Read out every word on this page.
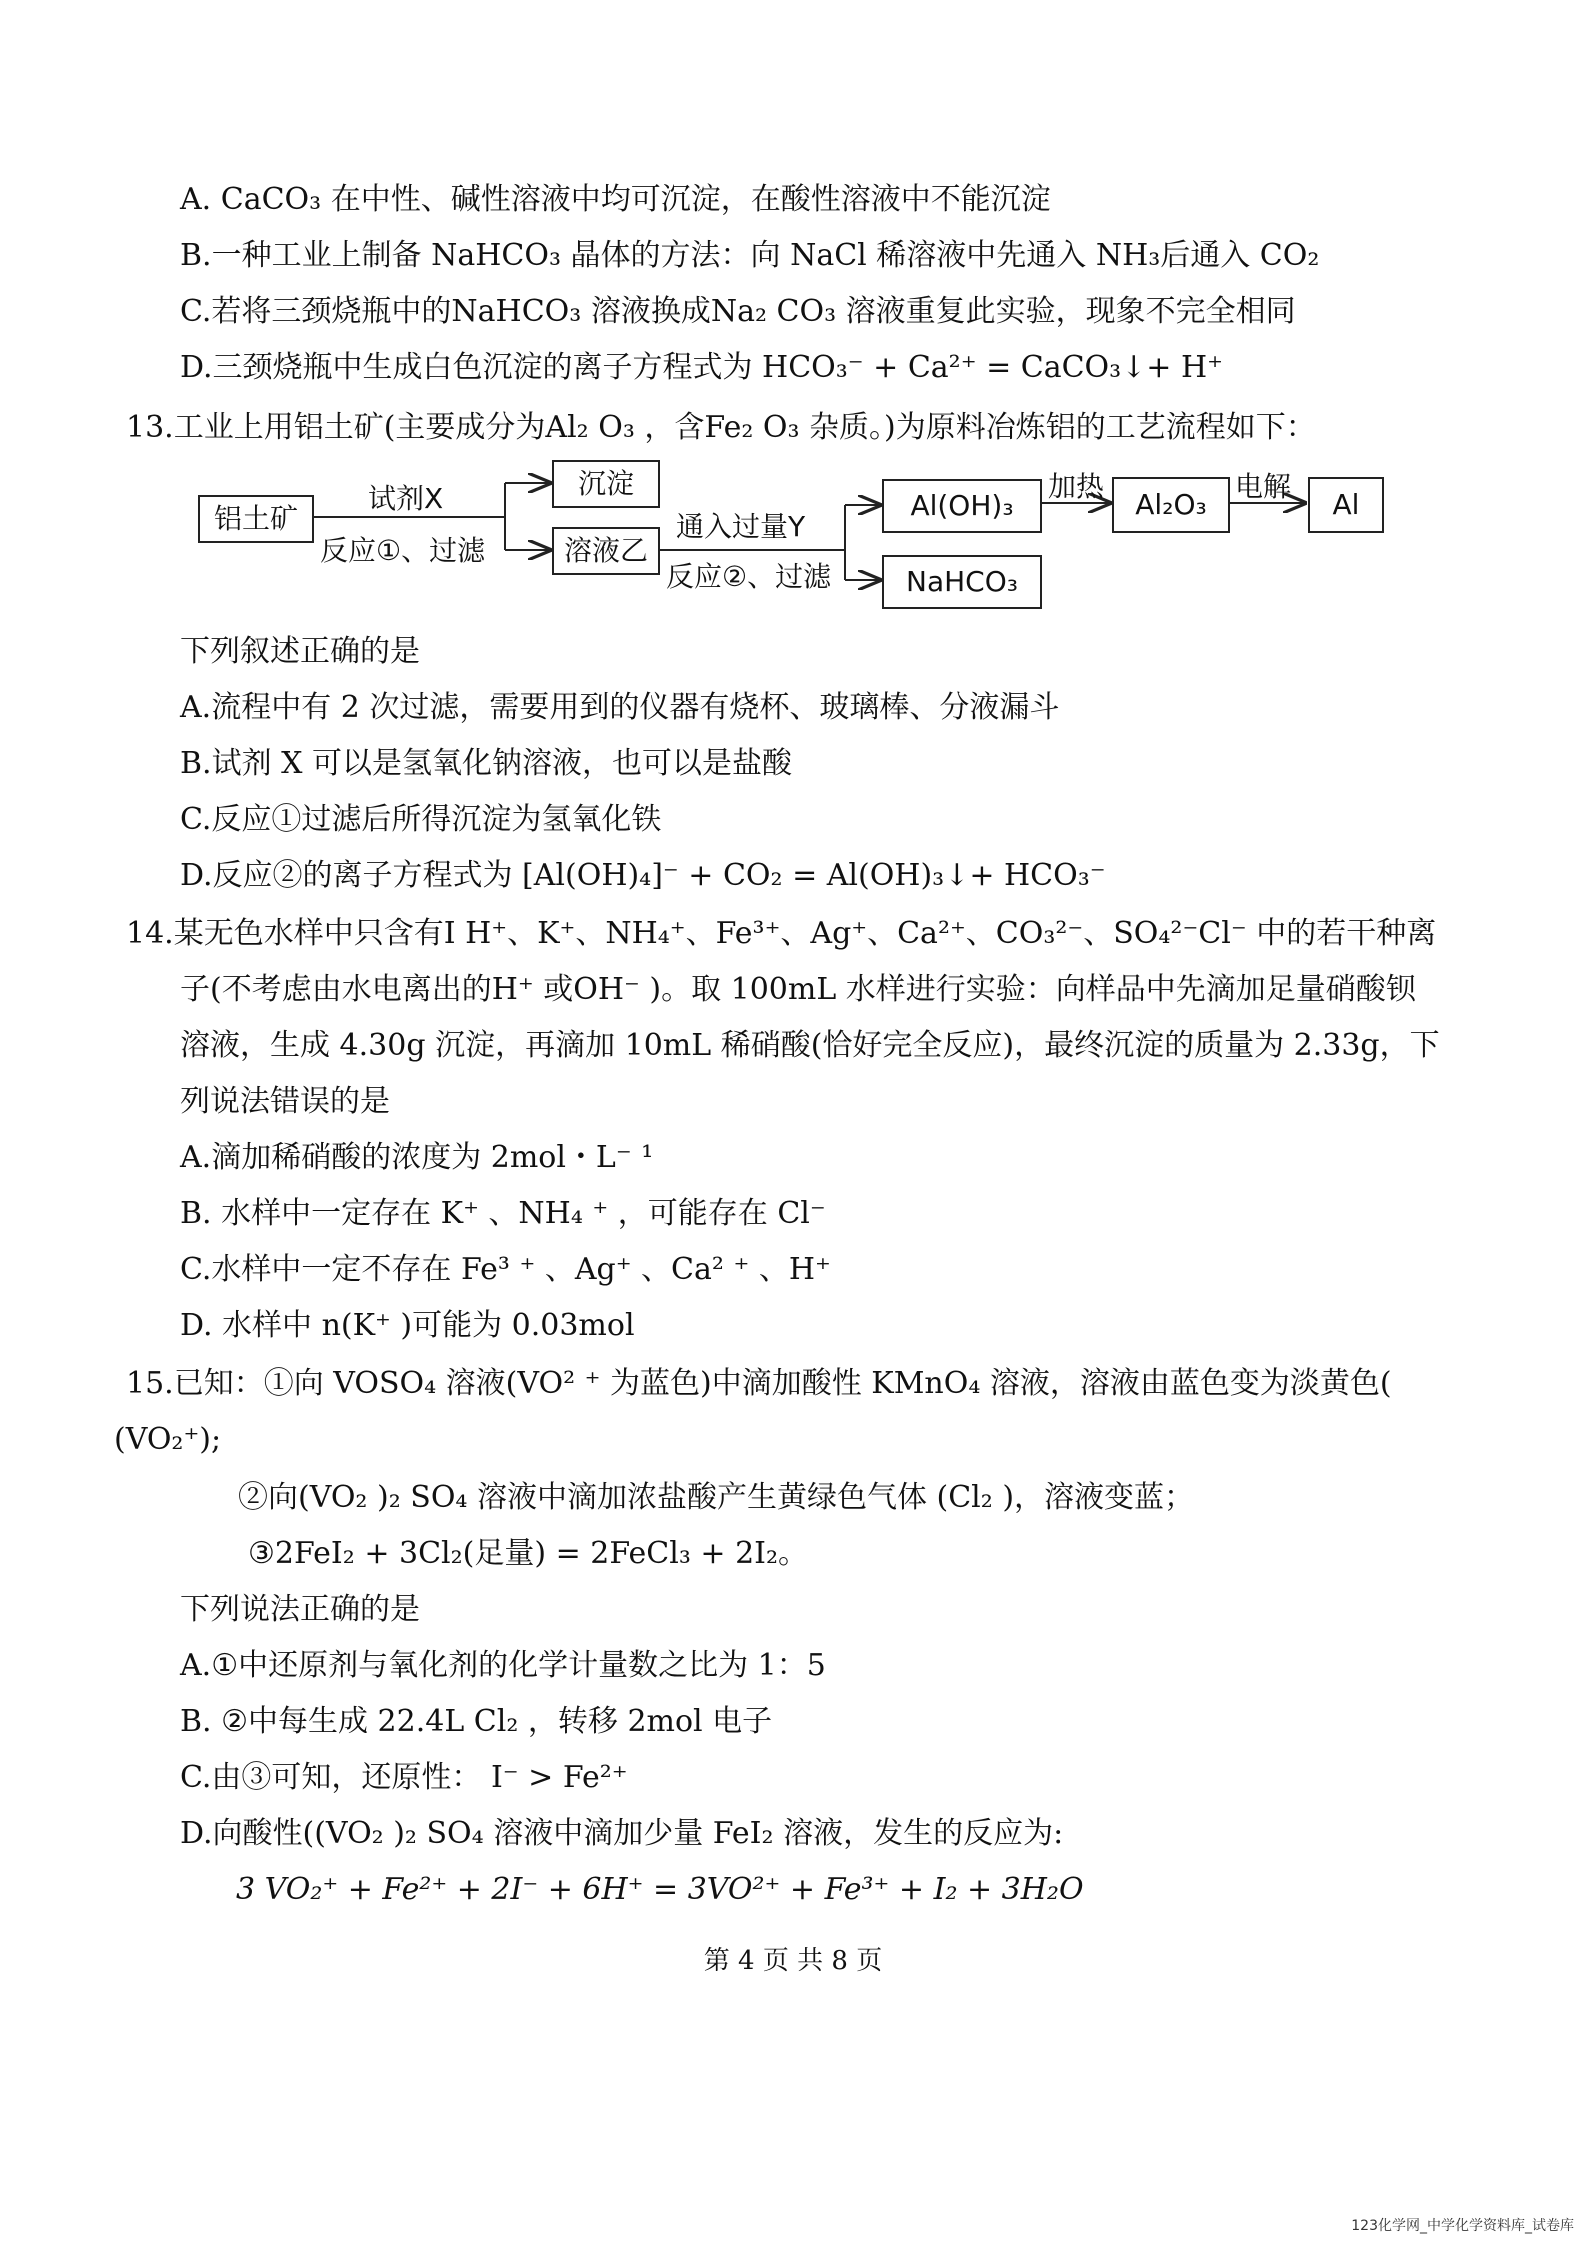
A. CaCO₃ 在中性、碱性溶液中均可沉淀，在酸性溶液中不能沉淀
B.一种工业上制备 NaHCO₃ 晶体的方法：向 NaCl 稀溶液中先通入 NH₃后通入 CO₂
C.若将三颈烧瓶中的NaHCO₃ 溶液换成Na₂ CO₃ 溶液重复此实验，现象不完全相同
D.三颈烧瓶中生成白色沉淀的离子方程式为 HCO₃⁻ + Ca²⁺ = CaCO₃↓+ H⁺
13.工业上用铝土矿(主要成分为Al₂ O₃ ，含Fe₂ O₃ 杂质。)为原料冶炼铝的工艺流程如下：
铝土矿
试剂X
反应①、过滤
沉淀
溶液乙
通入过量Y
反应②、过滤
Al(OH)₃
NaHCO₃
加热
Al₂O₃
电解
Al
下列叙述正确的是
A.流程中有 2 次过滤，需要用到的仪器有烧杯、玻璃棒、分液漏斗
B.试剂 X 可以是氢氧化钠溶液，也可以是盐酸
C.反应①过滤后所得沉淀为氢氧化铁
D.反应②的离子方程式为 [Al(OH)₄]⁻ + CO₂ = Al(OH)₃↓+ HCO₃⁻
14.某无色水样中只含有Ⅰ H⁺、K⁺、NH₄⁺、Fe³⁺、Ag⁺、Ca²⁺、CO₃²⁻、SO₄²⁻Cl⁻ 中的若干种离
子(不考虑由水电离出的H⁺ 或OH⁻ )。取 100mL 水样进行实验：向样品中先滴加足量硝酸钡
溶液，生成 4.30g 沉淀，再滴加 10mL 稀硝酸(恰好完全反应)，最终沉淀的质量为 2.33g，下
列说法错误的是
A.滴加稀硝酸的浓度为 2mol・L⁻ ¹
B. 水样中一定存在 K⁺ 、NH₄ ⁺ ，可能存在 Cl⁻
C.水样中一定不存在 Fe³ ⁺ 、Ag⁺ 、Ca² ⁺ 、H⁺
D. 水样中 n(K⁺ )可能为 0.03mol
15.已知：①向 VOSO₄ 溶液(VO² ⁺ 为蓝色)中滴加酸性 KMnO₄ 溶液，溶液由蓝色变为淡黄色(
(VO₂⁺);
②向(VO₂ )₂ SO₄ 溶液中滴加浓盐酸产生黄绿色气体 (Cl₂ )，溶液变蓝；
③2FeI₂ + 3Cl₂(足量) = 2FeCl₃ + 2I₂。
下列说法正确的是
A.①中还原剂与氧化剂的化学计量数之比为 1：5
B. ②中每生成 22.4L Cl₂ ，转移 2mol 电子
C.由③可知，还原性： I⁻ > Fe²⁺
D.向酸性((VO₂ )₂ SO₄ 溶液中滴加少量 FeI₂ 溶液，发生的反应为:
3 VO₂⁺ + Fe²⁺ + 2I⁻ + 6H⁺ = 3VO²⁺ + Fe³⁺ + I₂ + 3H₂O
第 4 页 共 8 页
123化学网_中学化学资料库_试卷库
